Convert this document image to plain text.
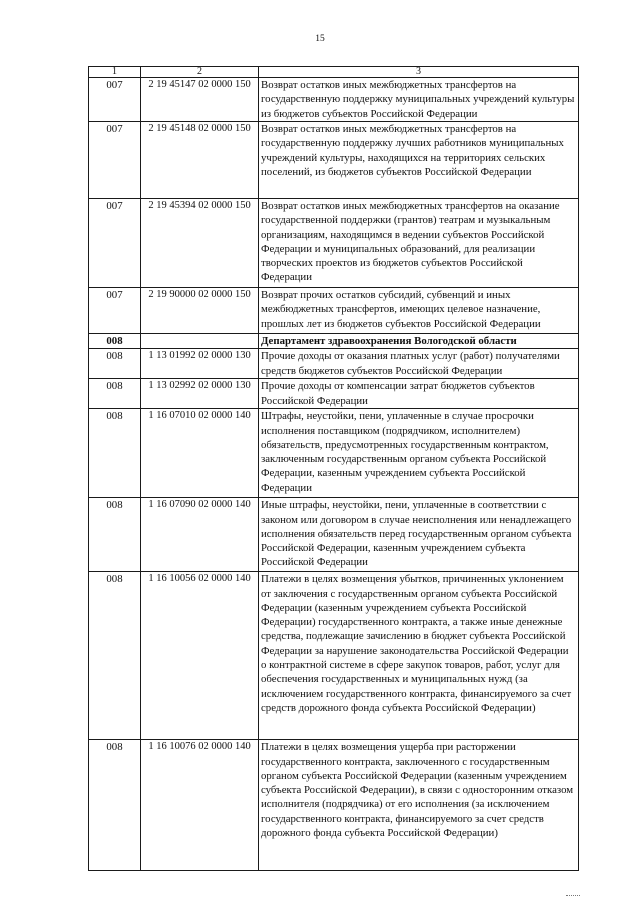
15
1	2	3
007	2 19 45147 02 0000 150	Возврат остатков иных межбюджетных трансфертов на государственную поддержку муниципальных учреждений культуры из бюджетов субъектов Российской Федерации
007	2 19 45148 02 0000 150	Возврат остатков иных межбюджетных трансфертов на государственную поддержку лучших работников муниципальных учреждений культуры, находящихся на территориях сельских поселений, из бюджетов субъектов Российской Федерации
007	2 19 45394 02 0000 150	Возврат остатков иных межбюджетных трансфертов на оказание государственной поддержки (грантов) театрам и музыкальным организациям, находящимся в ведении субъектов Российской Федерации и муниципальных образований, для реализации творческих проектов из бюджетов субъектов Российской Федерации
007	2 19 90000 02 0000 150	Возврат прочих остатков субсидий, субвенций и иных межбюджетных трансфертов, имеющих целевое назначение, прошлых лет из бюджетов субъектов Российской Федерации
008		Департамент здравоохранения Вологодской области
008	1 13 01992 02 0000 130	Прочие доходы от оказания платных услуг (работ) получателями средств бюджетов субъектов Российской Федерации
008	1 13 02992 02 0000 130	Прочие доходы от компенсации затрат бюджетов субъектов Российской Федерации
008	1 16 07010 02 0000 140	Штрафы, неустойки, пени, уплаченные в случае просрочки исполнения поставщиком (подрядчиком, исполнителем) обязательств, предусмотренных государственным контрактом, заключенным государственным органом субъекта Российской Федерации, казенным учреждением субъекта Российской Федерации
008	1 16 07090 02 0000 140	Иные штрафы, неустойки, пени, уплаченные в соответствии с законом или договором в случае неисполнения или ненадлежащего исполнения обязательств перед государственным органом субъекта Российской Федерации, казенным учреждением субъекта Российской Федерации
008	1 16 10056 02 0000 140	Платежи в целях возмещения убытков, причиненных уклонением от заключения с государственным органом субъекта Российской Федерации (казенным учреждением субъекта Российской Федерации) государственного контракта, а также иные денежные средства, подлежащие зачислению в бюджет субъекта Российской Федерации за нарушение законодательства Российской Федерации о контрактной системе в сфере закупок товаров, работ, услуг для обеспечения государственных и муниципальных нужд (за исключением государственного контракта, финансируемого за счет средств дорожного фонда субъекта Российской Федерации)
008	1 16 10076 02 0000 140	Платежи в целях возмещения ущерба при расторжении государственного контракта, заключенного с государственным органом субъекта Российской Федерации (казенным учреждением субъекта Российской Федерации), в связи с односторонним отказом исполнителя (подрядчика) от его исполнения (за исключением государственного контракта, финансируемого за счет средств дорожного фонда субъекта Российской Федерации)
